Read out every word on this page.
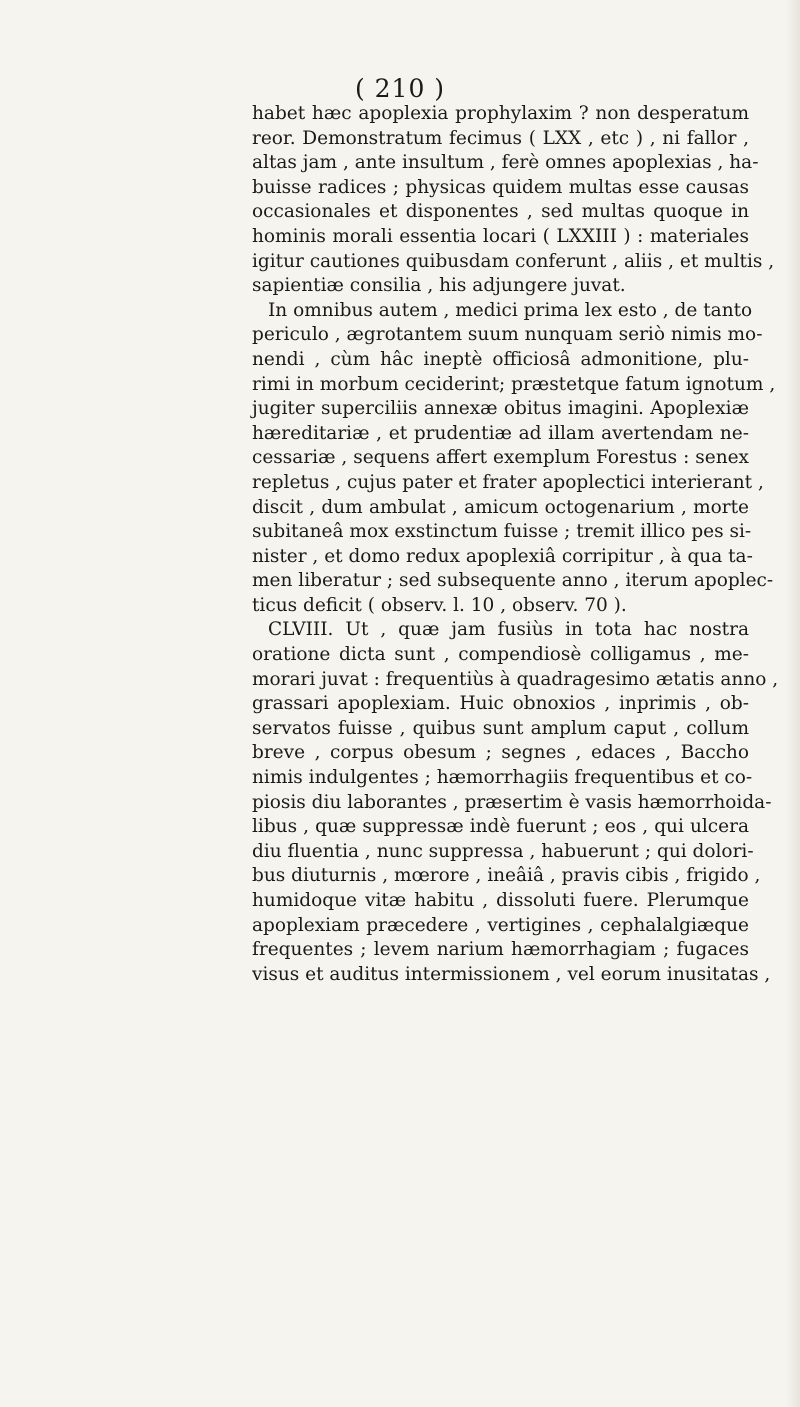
( 210 )
habet hæc apoplexia prophylaxim ? non desperatum
reor. Demonstratum fecimus ( LXX , etc ) , ni fallor ,
altas jam , ante insultum , ferè omnes apoplexias , ha-
buisse radices ; physicas quidem multas esse causas
occasionales et disponentes , sed multas quoque in
hominis morali essentia locari ( LXXIII ) : materiales
igitur cautiones quibusdam conferunt , aliis , et multis ,
sapientiæ consilia , his adjungere juvat.
In omnibus autem , medici prima lex esto , de tanto
periculo , ægrotantem suum nunquam seriò nimis mo-
nendi , cùm hâc ineptè officiosâ admonitione, plu-
rimi in morbum ceciderint; præstetque fatum ignotum ,
jugiter superciliis annexæ obitus imagini. Apoplexiæ
hæreditariæ , et prudentiæ ad illam avertendam ne-
cessariæ , sequens affert exemplum Forestus : senex
repletus , cujus pater et frater apoplectici interierant ,
discit , dum ambulat , amicum octogenarium , morte
subitaneâ mox exstinctum fuisse ; tremit illico pes si-
nister , et domo redux apoplexiâ corripitur , à qua ta-
men liberatur ; sed subsequente anno , iterum apoplec-
ticus deficit ( observ. l. 10 , observ. 70 ).
CLVIII. Ut , quæ jam fusiùs in tota hac nostra
oratione dicta sunt , compendiosè colligamus , me-
morari juvat : frequentiùs à quadragesimo ætatis anno ,
grassari apoplexiam. Huic obnoxios , inprimis , ob-
servatos fuisse , quibus sunt amplum caput , collum
breve , corpus obesum ; segnes , edaces , Baccho
nimis indulgentes ; hæmorrhagiis frequentibus et co-
piosis diu laborantes , præsertim è vasis hæmorrhoida-
libus , quæ suppressæ indè fuerunt ; eos , qui ulcera
diu fluentia , nunc suppressa , habuerunt ; qui dolori-
bus diuturnis , mœrore , ineâiâ , pravis cibis , frigido ,
humidoque vitæ habitu , dissoluti fuere. Plerumque
apoplexiam præcedere , vertigines , cephalalgiæque
frequentes ; levem narium hæmorrhagiam ; fugaces
visus et auditus intermissionem , vel eorum inusitatas ,
